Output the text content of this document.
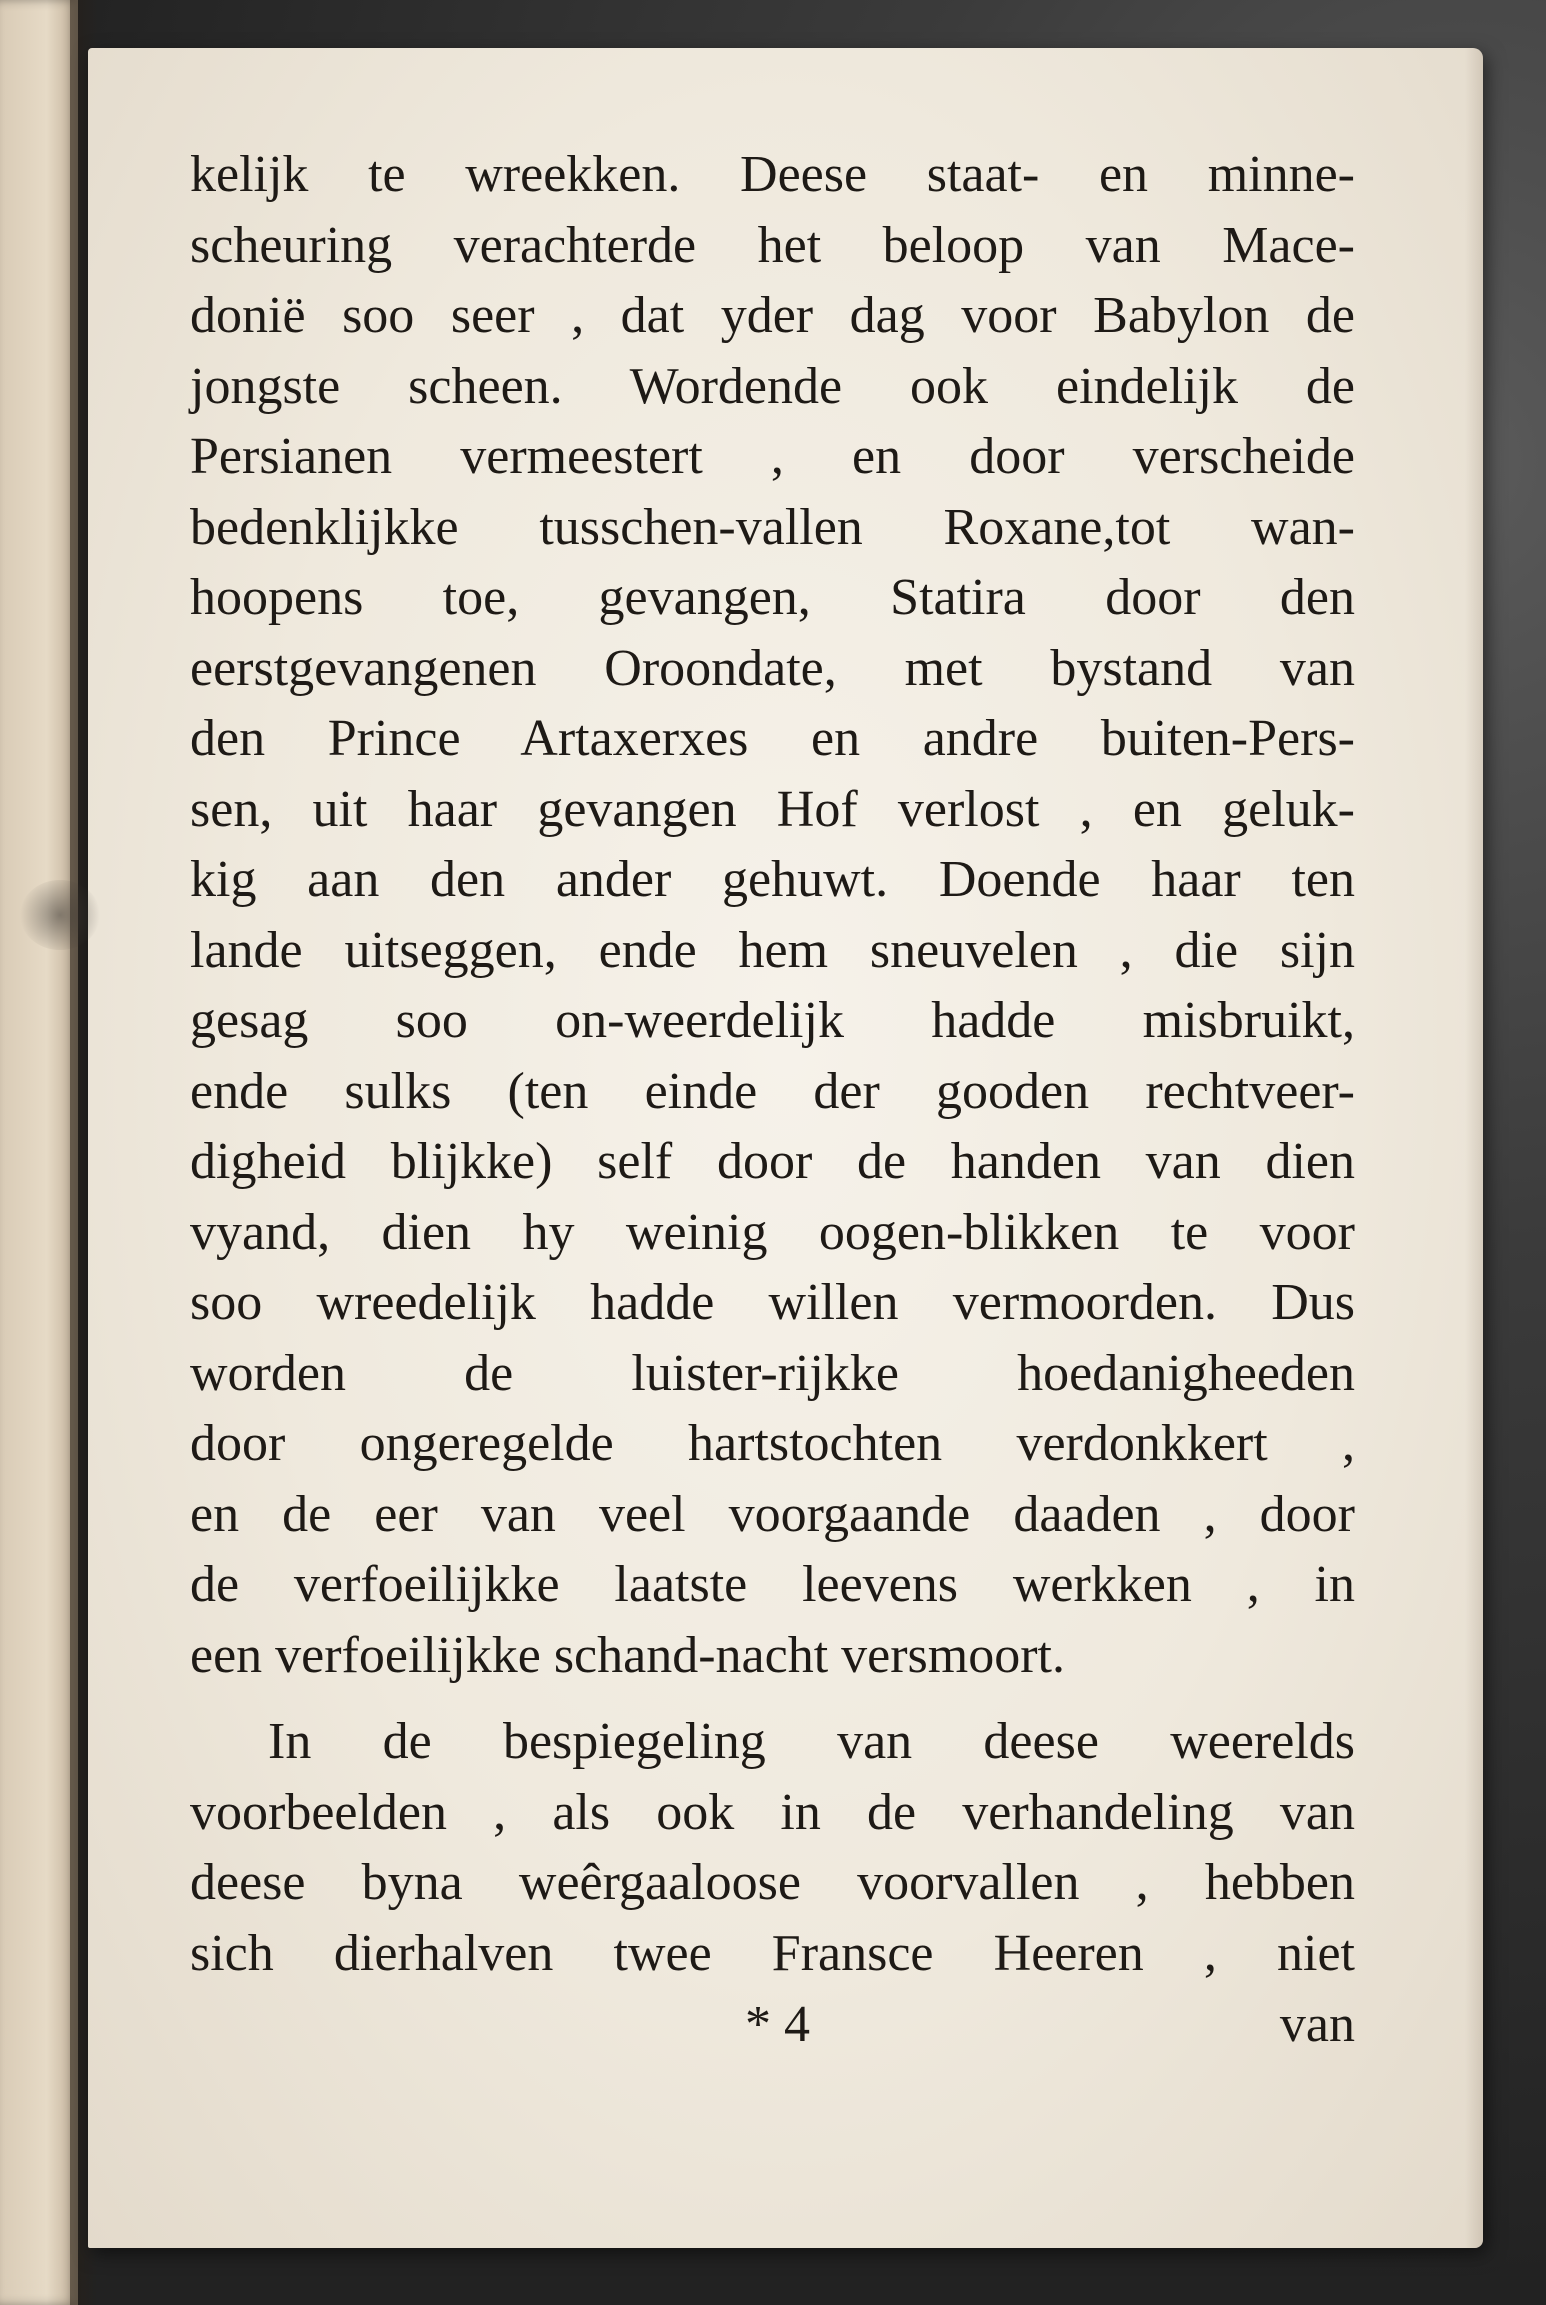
kelijk te wreekken. Deese staat- en minne-
scheuring verachterde het beloop van Mace-
donië soo seer , dat yder dag voor Babylon de
jongste scheen. Wordende ook eindelijk de
Persianen vermeestert , en door verscheide
bedenklijkke tusschen-vallen Roxane,tot wan-
hoopens toe, gevangen, Statira door den
eerstgevangenen Oroondate, met bystand van
den Prince Artaxerxes en andre buiten-Pers-
sen, uit haar gevangen Hof verlost , en geluk-
kig aan den ander gehuwt. Doende haar ten
lande uitseggen, ende hem sneuvelen , die sijn
gesag soo on-weerdelijk hadde misbruikt,
ende sulks (ten einde der gooden rechtveer-
digheid blijkke) self door de handen van dien
vyand, dien hy weinig oogen-blikken te voor
soo wreedelijk hadde willen vermoorden. Dus
worden de luister-rijkke hoedanigheeden
door ongeregelde hartstochten verdonkkert ,
en de eer van veel voorgaande daaden , door
de verfoeilijkke laatste leevens werkken , in
een verfoeilijkke schand-nacht versmoort.
In de bespiegeling van deese weerelds
voorbeelden , als ook in de verhandeling van
deese byna weêrgaaloose voorvallen , hebben
sich dierhalven twee Fransce Heeren , niet
* 4	van
